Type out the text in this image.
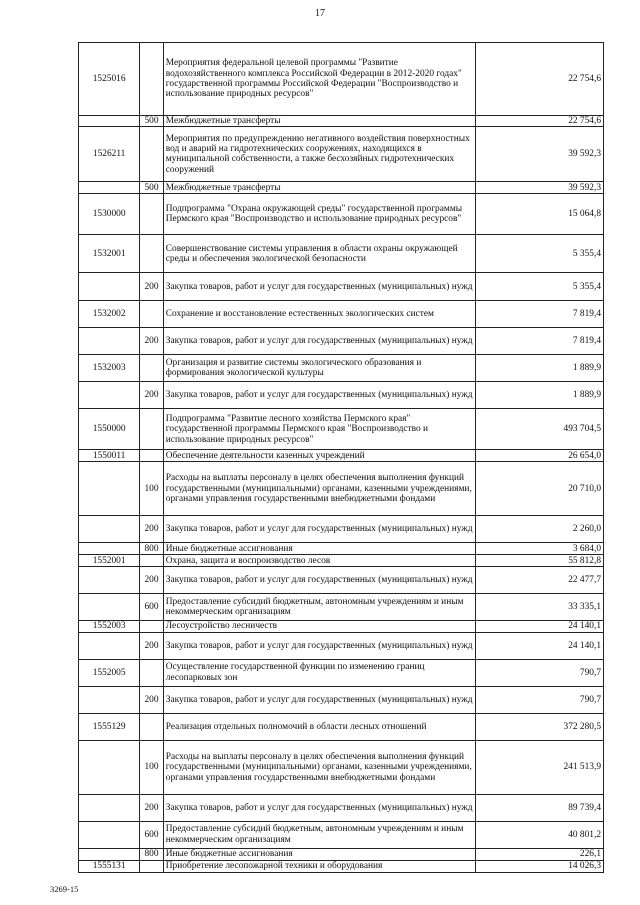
17
1525016		Мероприятия федеральной целевой программы "Развитие водохозяйственного комплекса Российской Федерации в 2012-2020 годах" государственной программы Российской Федерации "Воспроизводство и использование природных ресурсов"	22 754,6
	500	Межбюджетные трансферты	22 754,6
1526211		Мероприятия по предупреждению негативного воздействия поверхностных вод и аварий на гидротехнических сооружениях, находящихся в муниципальной собственности, а также бесхозяйных гидротехнических сооружений	39 592,3
	500	Межбюджетные трансферты	39 592,3
1530000		Подпрограмма "Охрана окружающей среды" государственной программы Пермского края "Воспроизводство и использование природных ресурсов"	15 064,8
1532001		Совершенствование системы управления в области охраны окружающей среды и обеспечения экологической безопасности	5 355,4
	200	Закупка товаров, работ и услуг для государственных (муниципальных) нужд	5 355,4
1532002		Сохранение и восстановление естественных экологических систем	7 819,4
	200	Закупка товаров, работ и услуг для государственных (муниципальных) нужд	7 819,4
1532003		Организация и развитие системы экологического образования и формирования экологической культуры	1 889,9
	200	Закупка товаров, работ и услуг для государственных (муниципальных) нужд	1 889,9
1550000		Подпрограмма "Развитие лесного хозяйства Пермского края" государственной программы Пермского края "Воспроизводство и использование природных ресурсов"	493 704,5
1550011		Обеспечение деятельности казенных учреждений	26 654,0
	100	Расходы на выплаты персоналу в целях обеспечения выполнения функций государственными (муниципальными) органами, казенными учреждениями, органами управления государственными внебюджетными фондами	20 710,0
	200	Закупка товаров, работ и услуг для государственных (муниципальных) нужд	2 260,0
	800	Иные бюджетные ассигнования	3 684,0
1552001		Охрана, защита и воспроизводство лесов	55 812,8
	200	Закупка товаров, работ и услуг для государственных (муниципальных) нужд	22 477,7
	600	Предоставление субсидий бюджетным, автономным учреждениям и иным некоммерческим организациям	33 335,1
1552003		Лесоустройство лесничеств	24 140,1
	200	Закупка товаров, работ и услуг для государственных (муниципальных) нужд	24 140,1
1552005		Осуществление государственной функции по изменению границ лесопарковых зон	790,7
	200	Закупка товаров, работ и услуг для государственных (муниципальных) нужд	790,7
1555129		Реализация отдельных полномочий в области лесных отношений	372 280,5
	100	Расходы на выплаты персоналу в целях обеспечения выполнения функций государственными (муниципальными) органами, казенными учреждениями, органами управления государственными внебюджетными фондами	241 513,9
	200	Закупка товаров, работ и услуг для государственных (муниципальных) нужд	89 739,4
	600	Предоставление субсидий бюджетным, автономным учреждениям и иным некоммерческим организациям	40 801,2
	800	Иные бюджетные ассигнования	226,1
1555131		Приобретение лесопожарной техники и оборудования	14 026,3
3269-15
